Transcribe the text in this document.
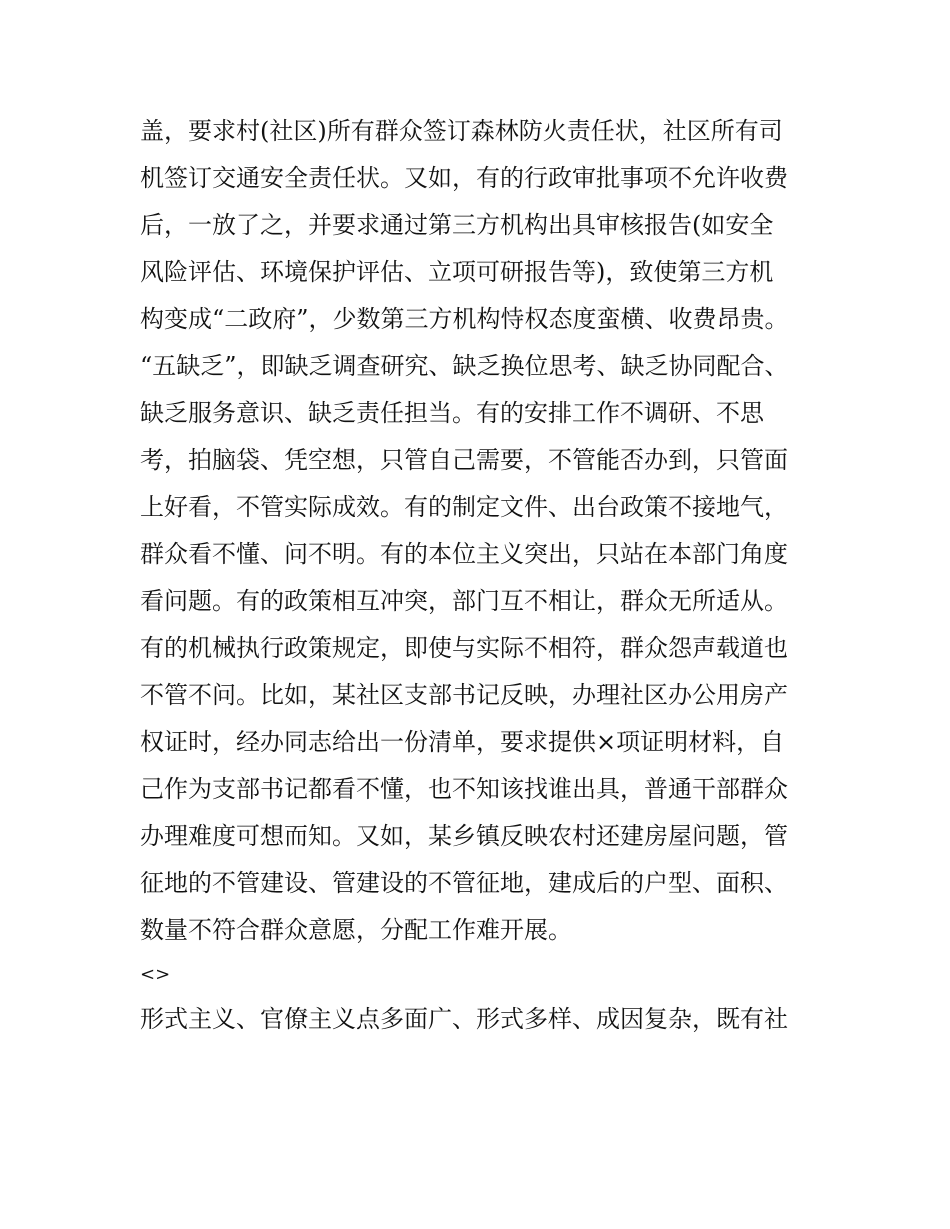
盖，要求村(社区)所有群众签订森林防火责任状，社区所有司
机签订交通安全责任状。又如，有的行政审批事项不允许收费
后，一放了之，并要求通过第三方机构出具审核报告(如安全
风险评估、环境保护评估、立项可研报告等)，致使第三方机
构变成“二政府”，少数第三方机构恃权态度蛮横、收费昂贵。
“五缺乏”，即缺乏调查研究、缺乏换位思考、缺乏协同配合、
缺乏服务意识、缺乏责任担当。有的安排工作不调研、不思
考，拍脑袋、凭空想，只管自己需要，不管能否办到，只管面
上好看，不管实际成效。有的制定文件、出台政策不接地气，
群众看不懂、问不明。有的本位主义突出，只站在本部门角度
看问题。有的政策相互冲突，部门互不相让，群众无所适从。
有的机械执行政策规定，即使与实际不相符，群众怨声载道也
不管不问。比如，某社区支部书记反映，办理社区办公用房产
权证时，经办同志给出一份清单，要求提供×项证明材料，自
己作为支部书记都看不懂，也不知该找谁出具，普通干部群众
办理难度可想而知。又如，某乡镇反映农村还建房屋问题，管
征地的不管建设、管建设的不管征地，建成后的户型、面积、
数量不符合群众意愿，分配工作难开展。
<>
形式主义、官僚主义点多面广、形式多样、成因复杂，既有社
